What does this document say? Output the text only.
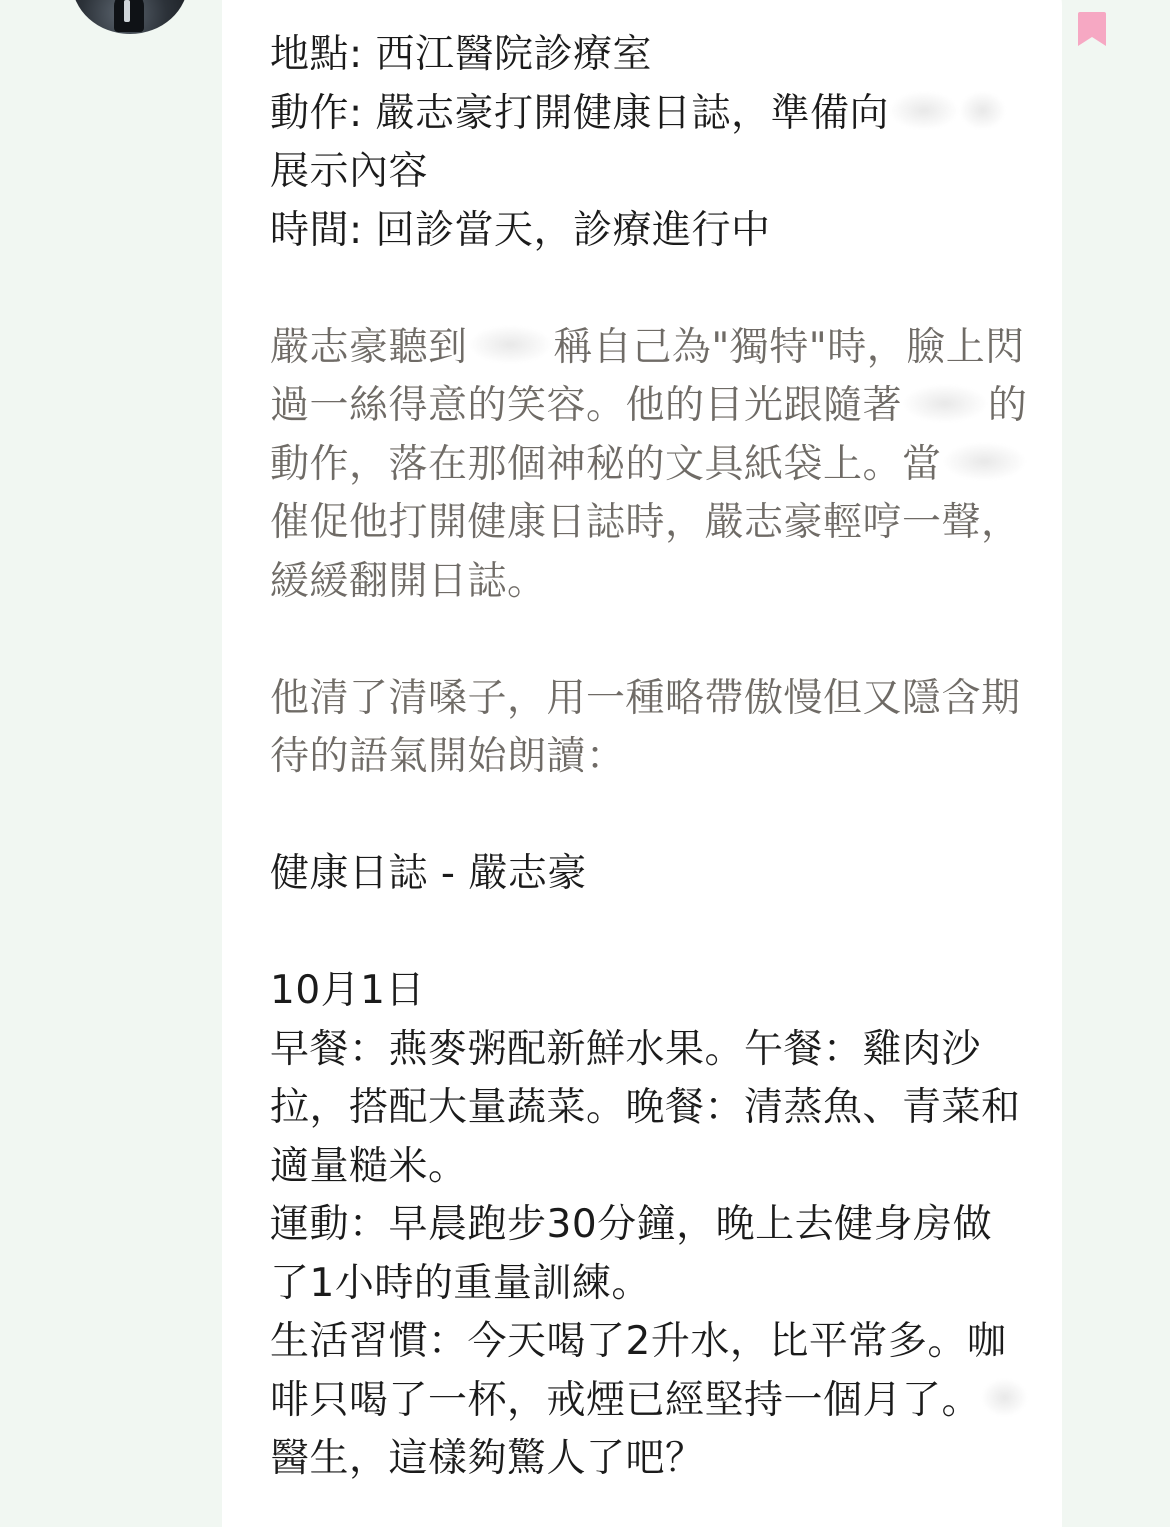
地點: 西江醫院診療室

動作: 嚴志豪打開健康日誌，準備向展示內容

時間: 回診當天，診療進行中

嚴志豪聽到 稱自己為"獨特"時，臉上閃過一絲得意的笑容。他的目光跟隨著 的動作，落在那個神秘的文具紙袋上。當催促他打開健康日誌時，嚴志豪輕哼一聲，緩緩翻開日誌。

他清了清嗓子，用一種略帶傲慢但又隱含期待的語氣開始朗讀：

健康日誌 - 嚴志豪

10月1日

早餐：燕麥粥配新鮮水果。午餐：雞肉沙拉，搭配大量蔬菜。晚餐：清蒸魚、青菜和適量糙米。

運動：早晨跑步30分鐘，晚上去健身房做了1小時的重量訓練。

生活習慣：今天喝了2升水，比平常多。咖啡只喝了一杯，戒煙已經堅持一個月了。醫生，這樣夠驚人了吧？
